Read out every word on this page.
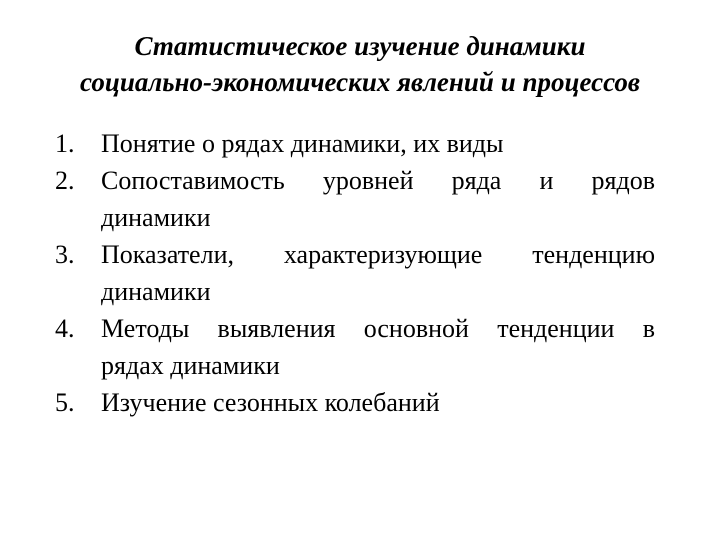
Статистическое изучение динамики
социально-экономических явлений и процессов
1. Понятие о рядах динамики, их виды
2. Сопоставимость уровней ряда и рядов
динамики
3. Показатели, характеризующие тенденцию
динамики
4. Методы выявления основной тенденции в
рядах динамики
5. Изучение сезонных колебаний
